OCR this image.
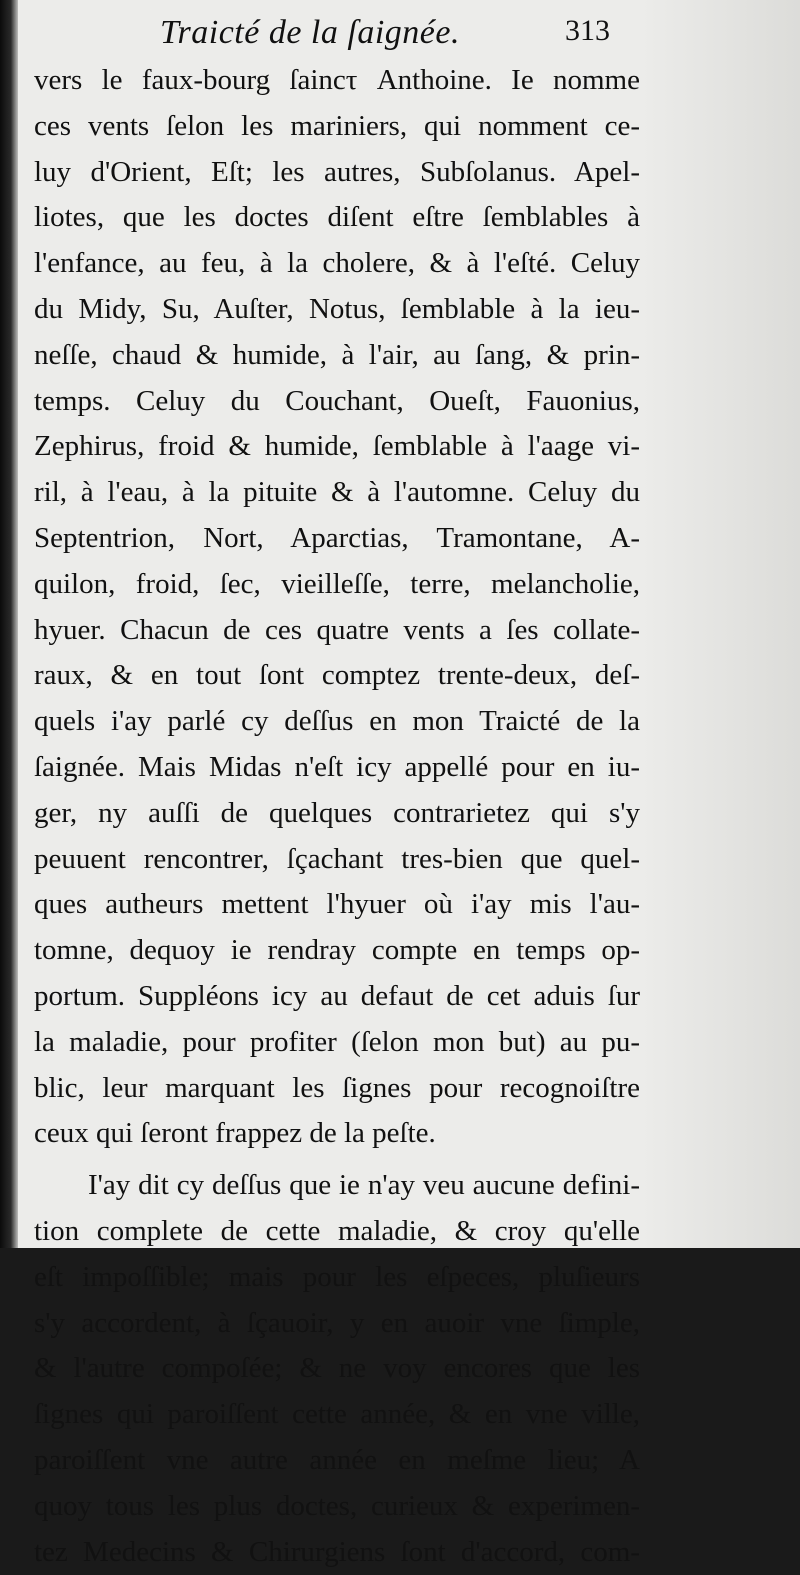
Traicté de la ſaignée.	313
vers le faux-bourg ſaincτ Anthoine. Ie nomme
ces vents ſelon les mariniers, qui nomment ce-
luy d'Orient, Eſt; les autres, Subſolanus. Apel-
liotes, que les doctes diſent eſtre ſemblables à
l'enfance, au feu, à la cholere, & à l'eſté. Celuy
du Midy, Su, Auſter, Notus, ſemblable à la ieu-
neſſe, chaud & humide, à l'air, au ſang, & prin-
temps. Celuy du Couchant, Oueſt, Fauonius,
Zephirus, froid & humide, ſemblable à l'aage vi-
ril, à l'eau, à la pituite & à l'automne. Celuy du
Septentrion, Nort, Aparctias, Tramontane, A-
quilon, froid, ſec, vieilleſſe, terre, melancholie,
hyuer. Chacun de ces quatre vents a ſes collate-
raux, & en tout ſont comptez trente-deux, deſ-
quels i'ay parlé cy deſſus en mon Traicté de la
ſaignée. Mais Midas n'eſt icy appellé pour en iu-
ger, ny auſſi de quelques contrarietez qui s'y
peuuent rencontrer, ſçachant tres-bien que quel-
ques autheurs mettent l'hyuer où i'ay mis l'au-
tomne, dequoy ie rendray compte en temps op-
portum. Suppléons icy au defaut de cet aduis ſur
la maladie, pour profiter (ſelon mon but) au pu-
blic, leur marquant les ſignes pour recognoiſtre
ceux qui ſeront frappez de la peſte.
I'ay dit cy deſſus que ie n'ay veu aucune defini-
tion complete de cette maladie, & croy qu'elle
eſt impoſſible; mais pour les eſpeces, pluſieurs
s'y accordent, à ſçauoir, y en auoir vne ſimple,
& l'autre compoſée; & ne voy encores que les
ſignes qui paroiſſent cette année, & en vne ville,
paroiſſent vne autre année en meſme lieu; A
quoy tous les plus doctes, curieux & experimen-
tez Medecins & Chirurgiens ſont d'accord, com-
